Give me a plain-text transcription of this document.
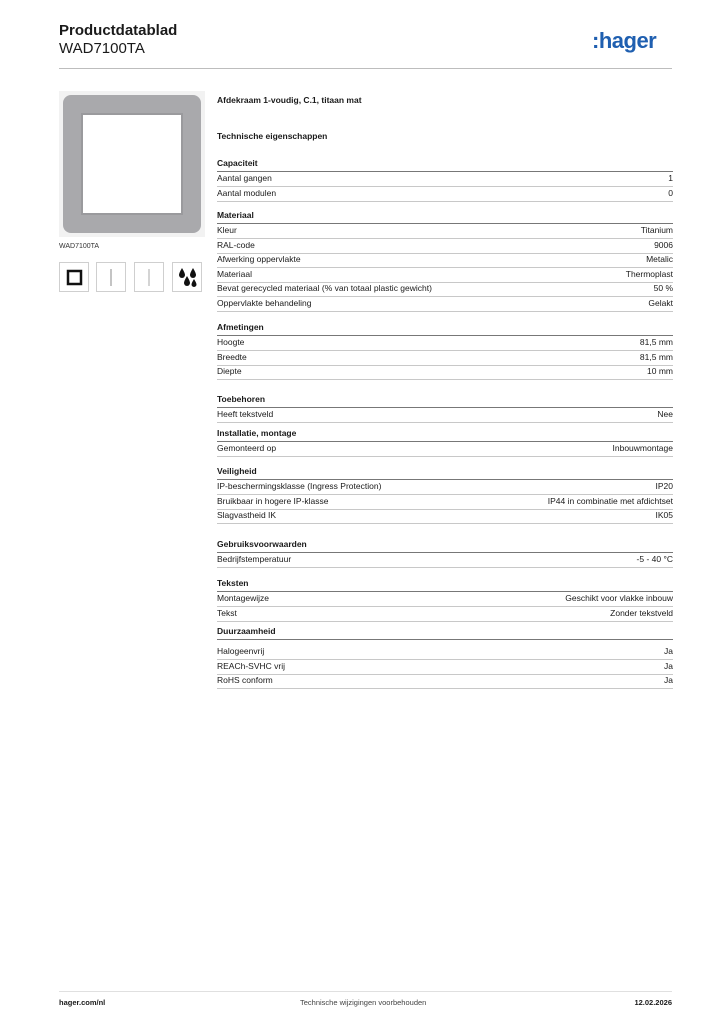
Productdatablad
WAD7100TA	:hager
WAD7100TA
Afdekraam 1-voudig, C.1, titaan mat
Technische eigenschappen
Capaciteit
Aantal gangen	1
Aantal modulen	0
Materiaal
Kleur	Titanium
RAL-code	9006
Afwerking oppervlakte	Metalic
Materiaal	Thermoplast
Bevat gerecycled materiaal (% van totaal plastic gewicht)	50 %
Oppervlakte behandeling	Gelakt
Afmetingen
Hoogte	81,5 mm
Breedte	81,5 mm
Diepte	10 mm
Toebehoren
Heeft tekstveld	Nee
Installatie, montage
Gemonteerd op	Inbouwmontage
Veiligheid
IP-beschermingsklasse (Ingress Protection)	IP20
Bruikbaar in hogere IP-klasse	IP44 in combinatie met afdichtset
Slagvastheid IK	IK05
Gebruiksvoorwaarden
Bedrijfstemperatuur	-5 - 40 °C
Teksten
Montagewijze	Geschikt voor vlakke inbouw
Tekst	Zonder tekstveld
Duurzaamheid
Halogeenvrij	Ja
REACh-SVHC vrij	Ja
RoHS conform	Ja
hager.com/nl	Technische wijzigingen voorbehouden	12.02.2026
